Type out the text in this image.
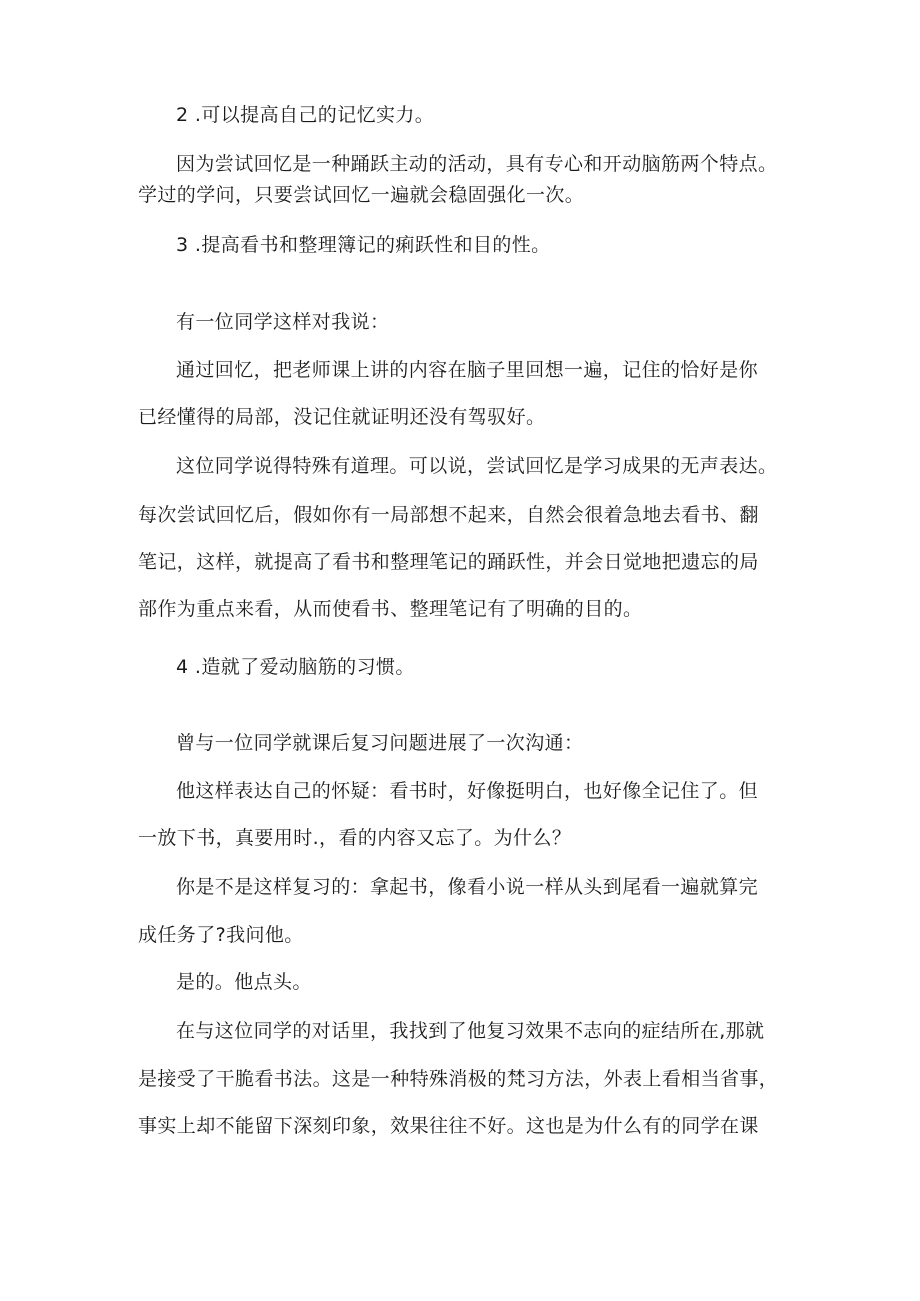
2 .可以提高自己的记忆实力。
因为尝试回忆是一种踊跃主动的活动，具有专心和开动脑筋两个特点。
学过的学问，只要尝试回忆一遍就会稳固强化一次。
3 .提高看书和整理簿记的痢跃性和目的性。
有一位同学这样对我说：
通过回忆，把老师课上讲的内容在脑子里回想一遍，记住的恰好是你
已经懂得的局部，没记住就证明还没有驾驭好。
这位同学说得特殊有道理。可以说，尝试回忆是学习成果的无声表达。
每次尝试回忆后，假如你有一局部想不起来，自然会很着急地去看书、翻
笔记，这样，就提高了看书和整理笔记的踊跃性，并会日觉地把遗忘的局
部作为重点来看，从而使看书、整理笔记有了明确的目的。
4 .造就了爱动脑筋的习惯。
曾与一位同学就课后复习问题进展了一次沟通：
他这样表达自己的怀疑：看书时，好像挺明白，也好像全记住了。但
一放下书，真要用时.，看的内容又忘了。为什么？
你是不是这样复习的：拿起书，像看小说一样从头到尾看一遍就算完
成任务了?我问他。
是的。他点头。
在与这位同学的对话里，我找到了他复习效果不志向的症结所在,那就
是接受了干脆看书法。这是一种特殊消极的梵习方法，外表上看相当省事，
事实上却不能留下深刻印象，效果往往不好。这也是为什么有的同学在课
